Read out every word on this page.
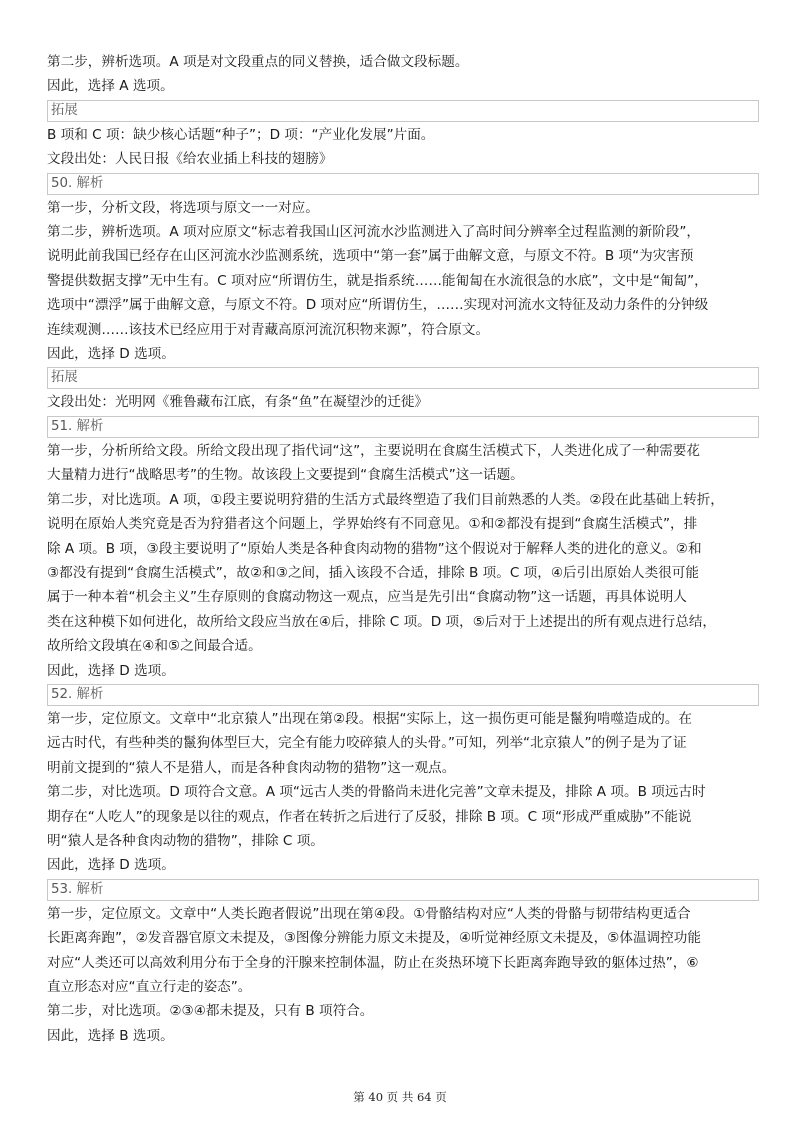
第二步，辨析选项。A 项是对文段重点的同义替换，适合做文段标题。
因此，选择 A 选项。
拓展
B 项和 C 项：缺少核心话题“种子”；D 项：“产业化发展”片面。
文段出处：人民日报《给农业插上科技的翅膀》
50. 解析
第一步，分析文段，将选项与原文一一对应。
第二步，辨析选项。A 项对应原文“标志着我国山区河流水沙监测进入了高时间分辨率全过程监测的新阶段”，
说明此前我国已经存在山区河流水沙监测系统，选项中“第一套”属于曲解文意，与原文不符。B 项“为灾害预
警提供数据支撑”无中生有。C 项对应“所谓仿生，就是指系统……能匍匐在水流很急的水底”，文中是“匍匐”，
选项中“漂浮”属于曲解文意，与原文不符。D 项对应“所谓仿生，……实现对河流水文特征及动力条件的分钟级
连续观测……该技术已经应用于对青藏高原河流沉积物来源”，符合原文。
因此，选择 D 选项。
拓展
文段出处：光明网《雅鲁藏布江底，有条“鱼”在凝望沙的迁徙》
51. 解析
第一步，分析所给文段。所给文段出现了指代词“这”，主要说明在食腐生活模式下，人类进化成了一种需要花
大量精力进行“战略思考”的生物。故该段上文要提到“食腐生活模式”这一话题。
第二步，对比选项。A 项，①段主要说明狩猎的生活方式最终塑造了我们目前熟悉的人类。②段在此基础上转折，
说明在原始人类究竟是否为狩猎者这个问题上，学界始终有不同意见。①和②都没有提到“食腐生活模式”，排
除 A 项。B 项，③段主要说明了“原始人类是各种食肉动物的猎物”这个假说对于解释人类的进化的意义。②和
③都没有提到“食腐生活模式”，故②和③之间，插入该段不合适，排除 B 项。C 项，④后引出原始人类很可能
属于一种本着“机会主义”生存原则的食腐动物这一观点，应当是先引出“食腐动物”这一话题，再具体说明人
类在这种模下如何进化，故所给文段应当放在④后，排除 C 项。D 项，⑤后对于上述提出的所有观点进行总结，
故所给文段填在④和⑤之间最合适。
因此，选择 D 选项。
52. 解析
第一步，定位原文。文章中“北京猿人”出现在第②段。根据“实际上，这一损伤更可能是鬣狗啃噬造成的。在
远古时代，有些种类的鬣狗体型巨大，完全有能力咬碎猿人的头骨。”可知，列举“北京猿人”的例子是为了证
明前文提到的“猿人不是猎人，而是各种食肉动物的猎物”这一观点。
第二步，对比选项。D 项符合文意。A 项“远古人类的骨骼尚未进化完善”文章未提及，排除 A 项。B 项远古时
期存在“人吃人”的现象是以往的观点，作者在转折之后进行了反驳，排除 B 项。C 项“形成严重威胁”不能说
明“猿人是各种食肉动物的猎物”，排除 C 项。
因此，选择 D 选项。
53. 解析
第一步，定位原文。文章中“人类长跑者假说”出现在第④段。①骨骼结构对应“人类的骨骼与韧带结构更适合
长距离奔跑”，②发音器官原文未提及，③图像分辨能力原文未提及，④听觉神经原文未提及，⑤体温调控功能
对应“人类还可以高效利用分布于全身的汗腺来控制体温，防止在炎热环境下长距离奔跑导致的躯体过热”，⑥
直立形态对应“直立行走的姿态”。
第二步，对比选项。②③④都未提及，只有 B 项符合。
因此，选择 B 选项。
第 40 页 共 64 页
